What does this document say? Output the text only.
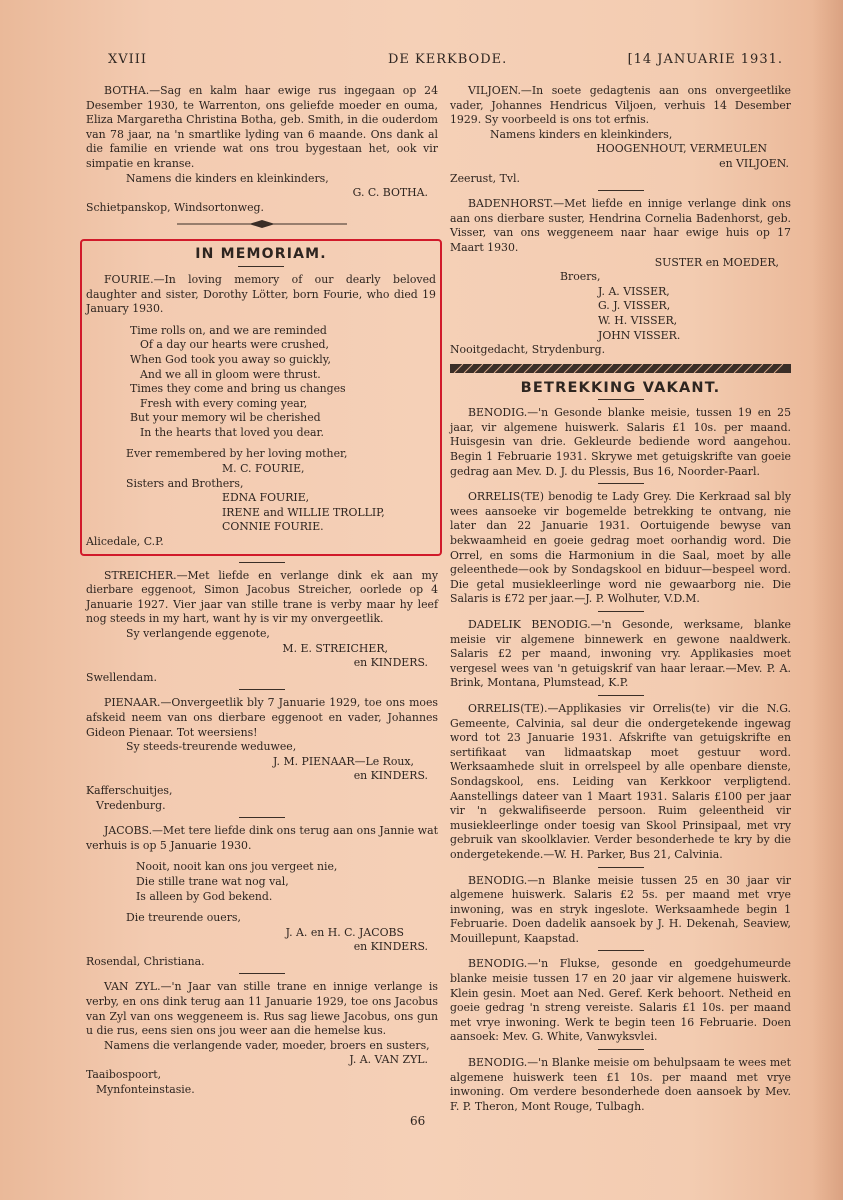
XVIII	DE KERKBODE.	[14 JANUARIE 1931.

BOTHA.—Sag en kalm haar ewige rus ingegaan op 24 Desember 1930, te Warrenton, ons geliefde moeder en ouma, Eliza Margaretha Christina Botha, geb. Smith, in die ouderdom van 78 jaar, na 'n smartlike lyding van 6 maande. Ons dank al die familie en vriende wat ons trou bygestaan het, ook vir simpatie en kranse.

Namens die kinders en kleinkinders,

G. C. BOTHA.

Schietpanskop, Windsortonweg.

IN MEMORIAM.

FOURIE.—In loving memory of our dearly beloved daughter and sister, Dorothy Lötter, born Fourie, who died 19 January 1930.

Time rolls on, and we are reminded
Of a day our hearts were crushed,
When God took you away so guickly,
And we all in gloom were thrust.
Times they come and bring us changes
Fresh with every coming year,
But your memory wil be cherished
In the hearts that loved you dear.

Ever remembered by her loving mother,

M. C. FOURIE,

Sisters and Brothers,

EDNA FOURIE,

IRENE and WILLIE TROLLIP,

CONNIE FOURIE.

Alicedale, C.P.

STREICHER.—Met liefde en verlange dink ek aan my dierbare eggenoot, Simon Jacobus Streicher, oorlede op 4 Januarie 1927. Vier jaar van stille trane is verby maar hy leef nog steeds in my hart, want hy is vir my onvergeetlik.

Sy verlangende eggenote,

M. E. STREICHER,

en KINDERS.

Swellendam.

PIENAAR.—Onvergeetlik bly 7 Januarie 1929, toe ons moes afskeid neem van ons dierbare eggenoot en vader, Johannes Gideon Pienaar. Tot weersiens!

Sy steeds-treurende weduwee,

J. M. PIENAAR—Le Roux,

en KINDERS.

Kafferschuitjes,

Vredenburg.

JACOBS.—Met tere liefde dink ons terug aan ons Jannie wat verhuis is op 5 Januarie 1930.

Nooit, nooit kan ons jou vergeet nie,
Die stille trane wat nog val,
Is alleen by God bekend.

Die treurende ouers,

J. A. en H. C. JACOBS

en KINDERS.

Rosendal, Christiana.

VAN ZYL.—'n Jaar van stille trane en innige verlange is verby, en ons dink terug aan 11 Januarie 1929, toe ons Jacobus van Zyl van ons weggeneem is. Rus sag liewe Jacobus, ons gun u die rus, eens sien ons jou weer aan die hemelse kus.

Namens die verlangende vader, moeder, broers en susters,

J. A. VAN ZYL.

Taaibospoort,

Mynfonteinstasie.

VILJOEN.—In soete gedagtenis aan ons onvergeetlike vader, Johannes Hendricus Viljoen, verhuis 14 Desember 1929. Sy voorbeeld is ons tot erfnis.

Namens kinders en kleinkinders,

HOOGENHOUT, VERMEULEN

en VILJOEN.

Zeerust, Tvl.

BADENHORST.—Met liefde en innige verlange dink ons aan ons dierbare suster, Hendrina Cornelia Badenhorst, geb. Visser, van ons weggeneem naar haar ewige huis op 17 Maart 1930.

SUSTER en MOEDER,

Broers,

J. A. VISSER,

G. J. VISSER,

W. H. VISSER,

JOHN VISSER.

Nooitgedacht, Strydenburg.

BETREKKING VAKANT.

BENODIG.—'n Gesonde blanke meisie, tussen 19 en 25 jaar, vir algemene huiswerk. Salaris £1 10s. per maand. Huisgesin van drie. Gekleurde bediende word aangehou. Begin 1 Februarie 1931. Skrywe met getuigskrifte van goeie gedrag aan Mev. D. J. du Plessis, Bus 16, Noorder-Paarl.

ORRELIS(TE) benodig te Lady Grey. Die Kerkraad sal bly wees aansoeke vir bogemelde betrekking te ontvang, nie later dan 22 Januarie 1931. Oortuigende bewyse van bekwaamheid en goeie gedrag moet oorhandig word. Die Orrel, en soms die Harmonium in die Saal, moet by alle geleenthede—ook by Sondagskool en biduur—bespeel word. Die getal musiekleerlinge word nie gewaarborg nie. Die Salaris is £72 per jaar.—J. P. Wolhuter, V.D.M.

DADELIK BENODIG.—'n Gesonde, werksame, blanke meisie vir algemene binnewerk en gewone naaldwerk. Salaris £2 per maand, inwoning vry. Applikasies moet vergesel wees van 'n getuigskrif van haar leraar.—Mev. P. A. Brink, Montana, Plumstead, K.P.

ORRELIS(TE).—Applikasies vir Orrelis(te) vir die N.G. Gemeente, Calvinia, sal deur die ondergetekende ingewag word tot 23 Januarie 1931. Afskrifte van getuigskrifte en sertifikaat van lidmaatskap moet gestuur word. Werksaamhede sluit in orrelspeel by alle openbare dienste, Sondagskool, ens. Leiding van Kerkkoor verpligtend. Aanstellings dateer van 1 Maart 1931. Salaris £100 per jaar vir 'n gekwalifiseerde persoon. Ruim geleentheid vir musiekleerlinge onder toesig van Skool Prinsipaal, met vry gebruik van skoolklavier. Verder besonderhede te kry by die ondergetekende.—W. H. Parker, Bus 21, Calvinia.

BENODIG.—n Blanke meisie tussen 25 en 30 jaar vir algemene huiswerk. Salaris £2 5s. per maand met vrye inwoning, was en stryk ingeslote. Werksaamhede begin 1 Februarie. Doen dadelik aansoek by J. H. Dekenah, Seaview, Mouillepunt, Kaapstad.

BENODIG.—'n Flukse, gesonde en goedgehumeurde blanke meisie tussen 17 en 20 jaar vir algemene huiswerk. Klein gesin. Moet aan Ned. Geref. Kerk behoort. Netheid en goeie gedrag 'n streng vereiste. Salaris £1 10s. per maand met vrye inwoning. Werk te begin teen 16 Februarie. Doen aansoek: Mev. G. White, Vanwyksvlei.

BENODIG.—'n Blanke meisie om behulpsaam te wees met algemene huiswerk teen £1 10s. per maand met vrye inwoning. Om verdere besonderhede doen aansoek by Mev. F. P. Theron, Mont Rouge, Tulbagh.

66
